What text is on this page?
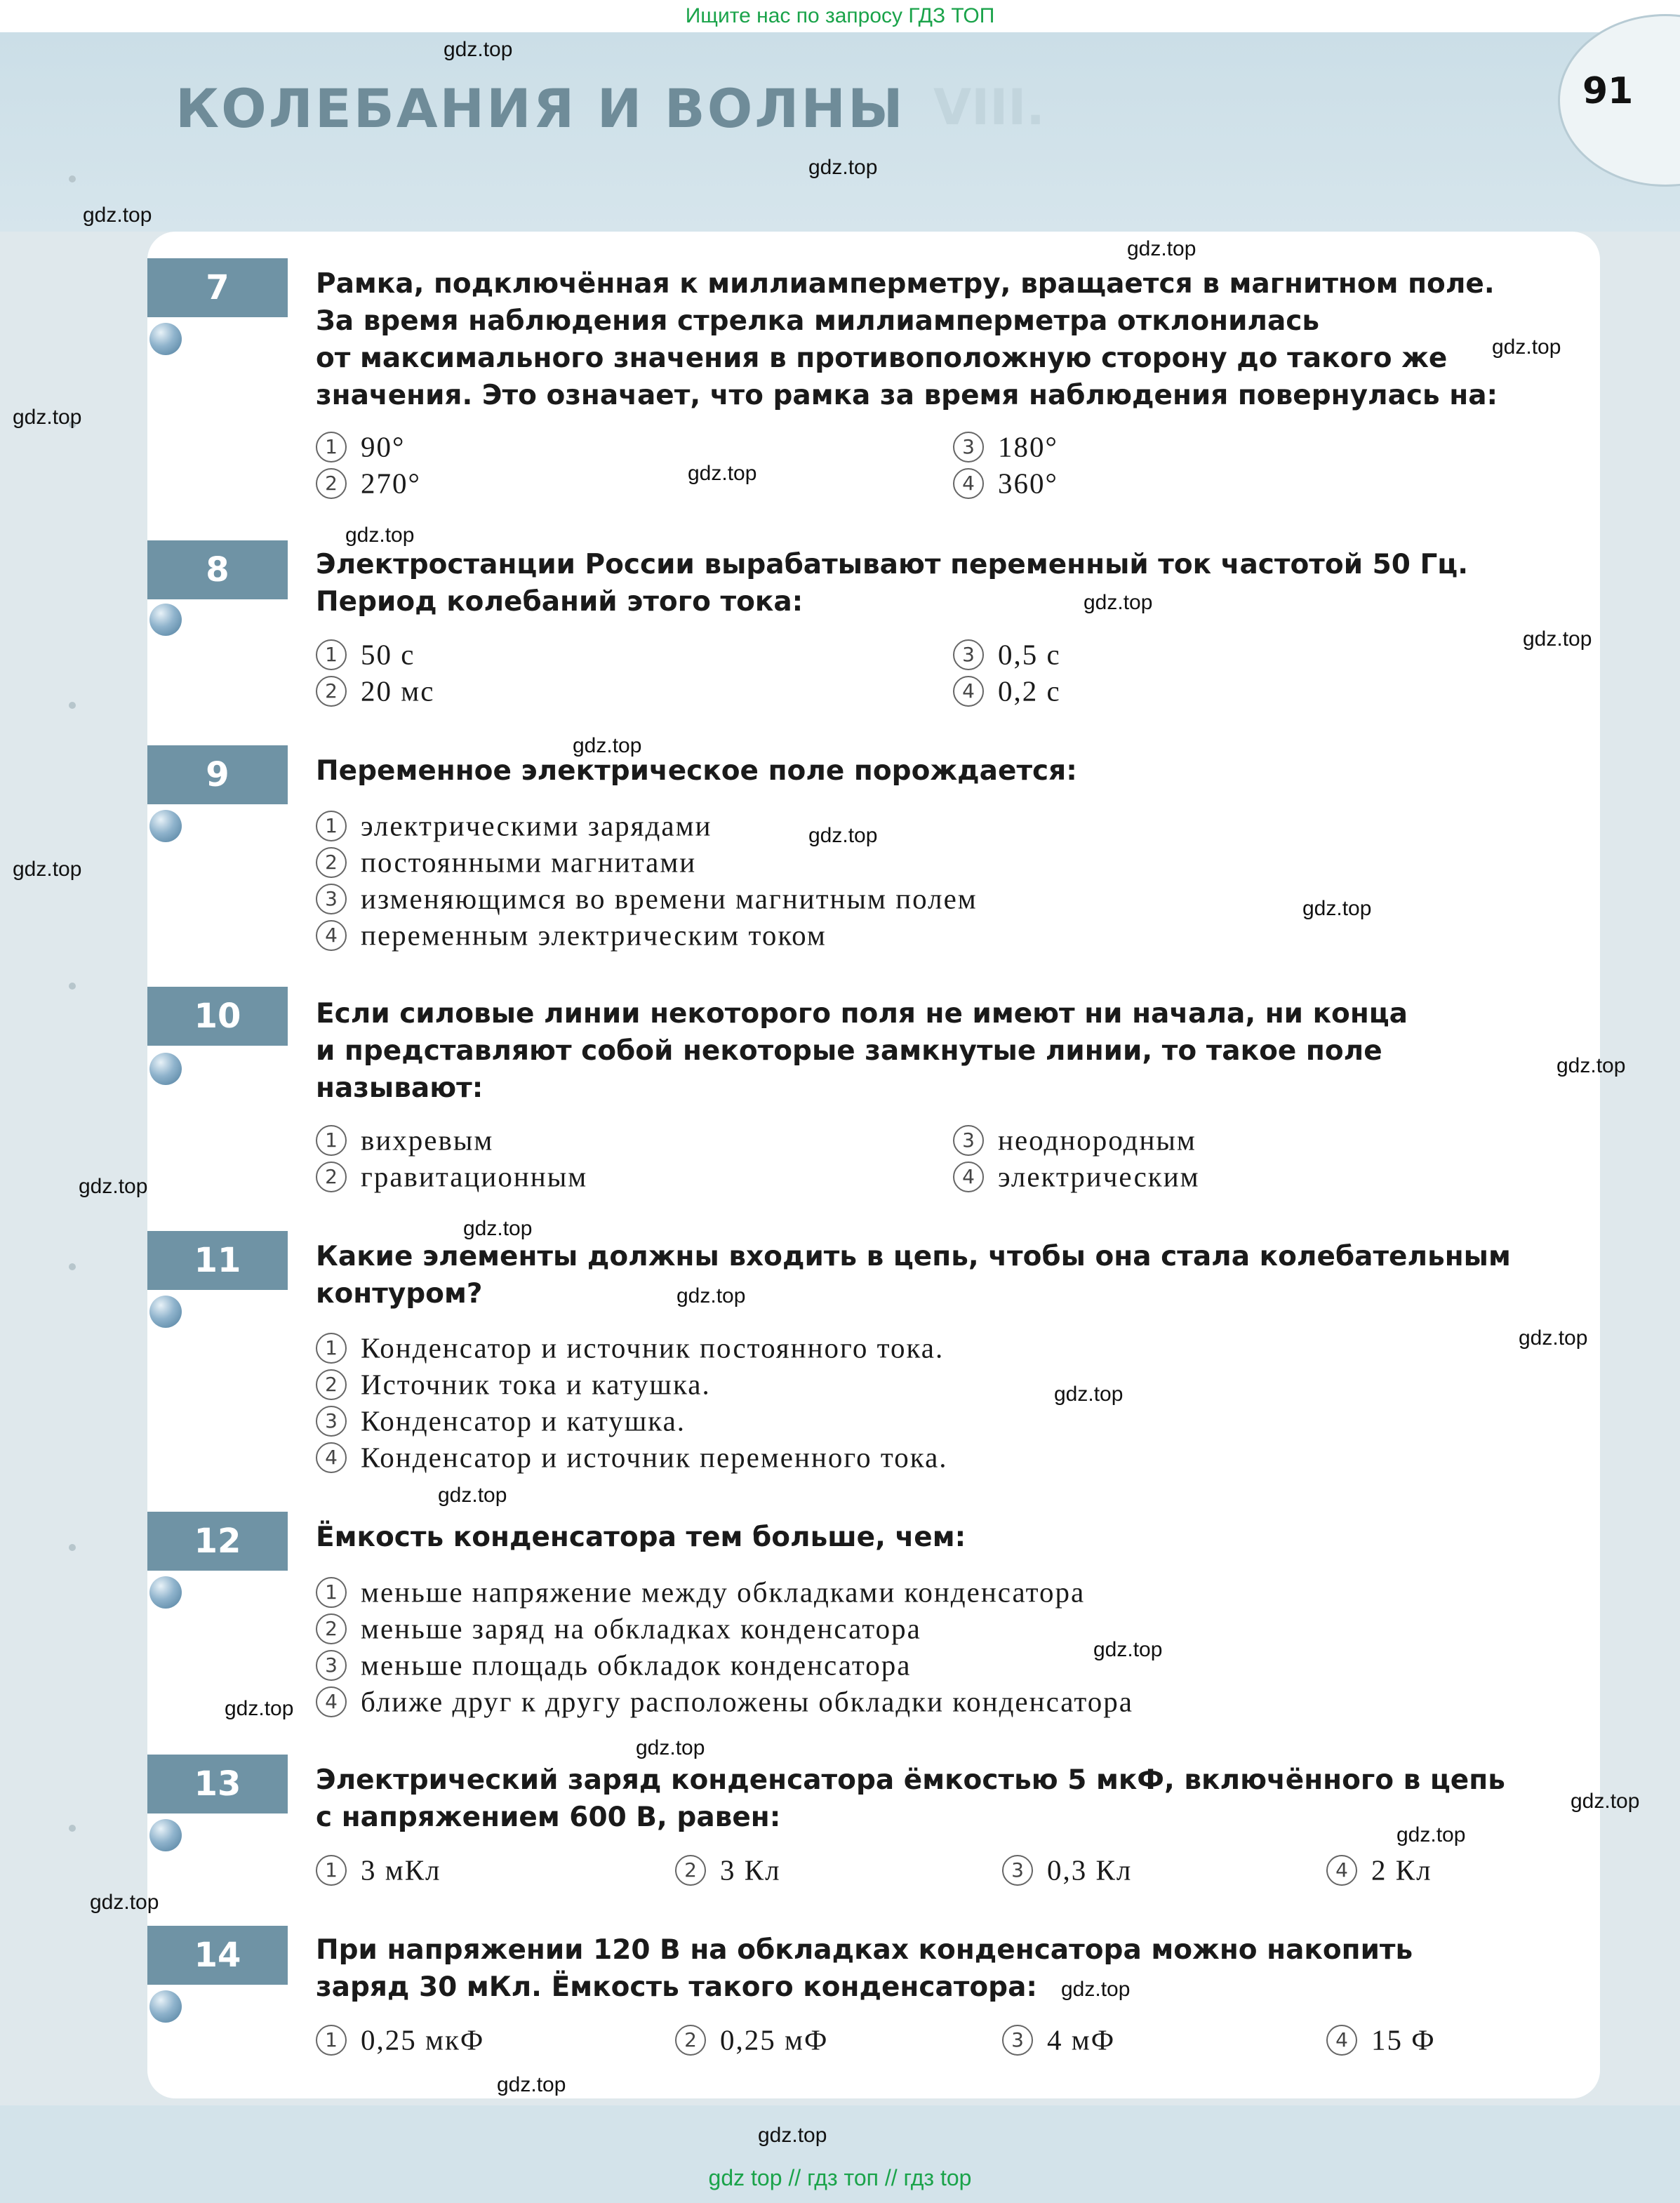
Ищите нас по запросу ГДЗ ТОП
VIII.
КОЛЕБАНИЯ И ВОЛНЫ	91
7	Рамка, подключённая к миллиамперметру, вращается в магнитном поле.
За время наблюдения стрелка миллиамперметра отклонилась
от максимального значения в противоположную сторону до такого же
значения. Это означает, что рамка за время наблюдения повернулась на:
1 90°
2 270°
3 180°
4 360°
8	Электростанции России вырабатывают переменный ток частотой 50 Гц.
Период колебаний этого тока:
1 50 с
2 20 мс
3 0,5 с
4 0,2 с
9	Переменное электрическое поле порождается:
1 электрическими зарядами
2 постоянными магнитами
3 изменяющимся во времени магнитным полем
4 переменным электрическим током
10	Если силовые линии некоторого поля не имеют ни начала, ни конца
и представляют собой некоторые замкнутые линии, то такое поле
называют:
1 вихревым
2 гравитационным
3 неоднородным
4 электрическим
11	Какие элементы должны входить в цепь, чтобы она стала колебательным
контуром?
1 Конденсатор и источник постоянного тока.
2 Источник тока и катушка.
3 Конденсатор и катушка.
4 Конденсатор и источник переменного тока.
12	Ёмкость конденсатора тем больше, чем:
1 меньше напряжение между обкладками конденсатора
2 меньше заряд на обкладках конденсатора
3 меньше площадь обкладок конденсатора
4 ближе друг к другу расположены обкладки конденсатора
13	Электрический заряд конденсатора ёмкостью 5 мкФ, включённого в цепь
с напряжением 600 В, равен:
1 3 мКл	2 3 Кл	3 0,3 Кл	4 2 Кл
14	При напряжении 120 В на обкладках конденсатора можно накопить
заряд 30 мКл. Ёмкость такого конденсатора:
1 0,25 мкФ	2 0,25 мФ	3 4 мФ	4 15 Ф
gdz.top
gdz.top
gdz.top
gdz.top
gdz.top
gdz.top
gdz.top
gdz.top
gdz.top
gdz.top
gdz.top
gdz.top
gdz.top
gdz.top
gdz.top
gdz.top
gdz.top
gdz.top
gdz.top
gdz.top
gdz.top
gdz.top
gdz.top
gdz.top
gdz.top
gdz.top
gdz.top
gdz.top
gdz.top
gdz.top
gdz top // гдз топ // гдз top
